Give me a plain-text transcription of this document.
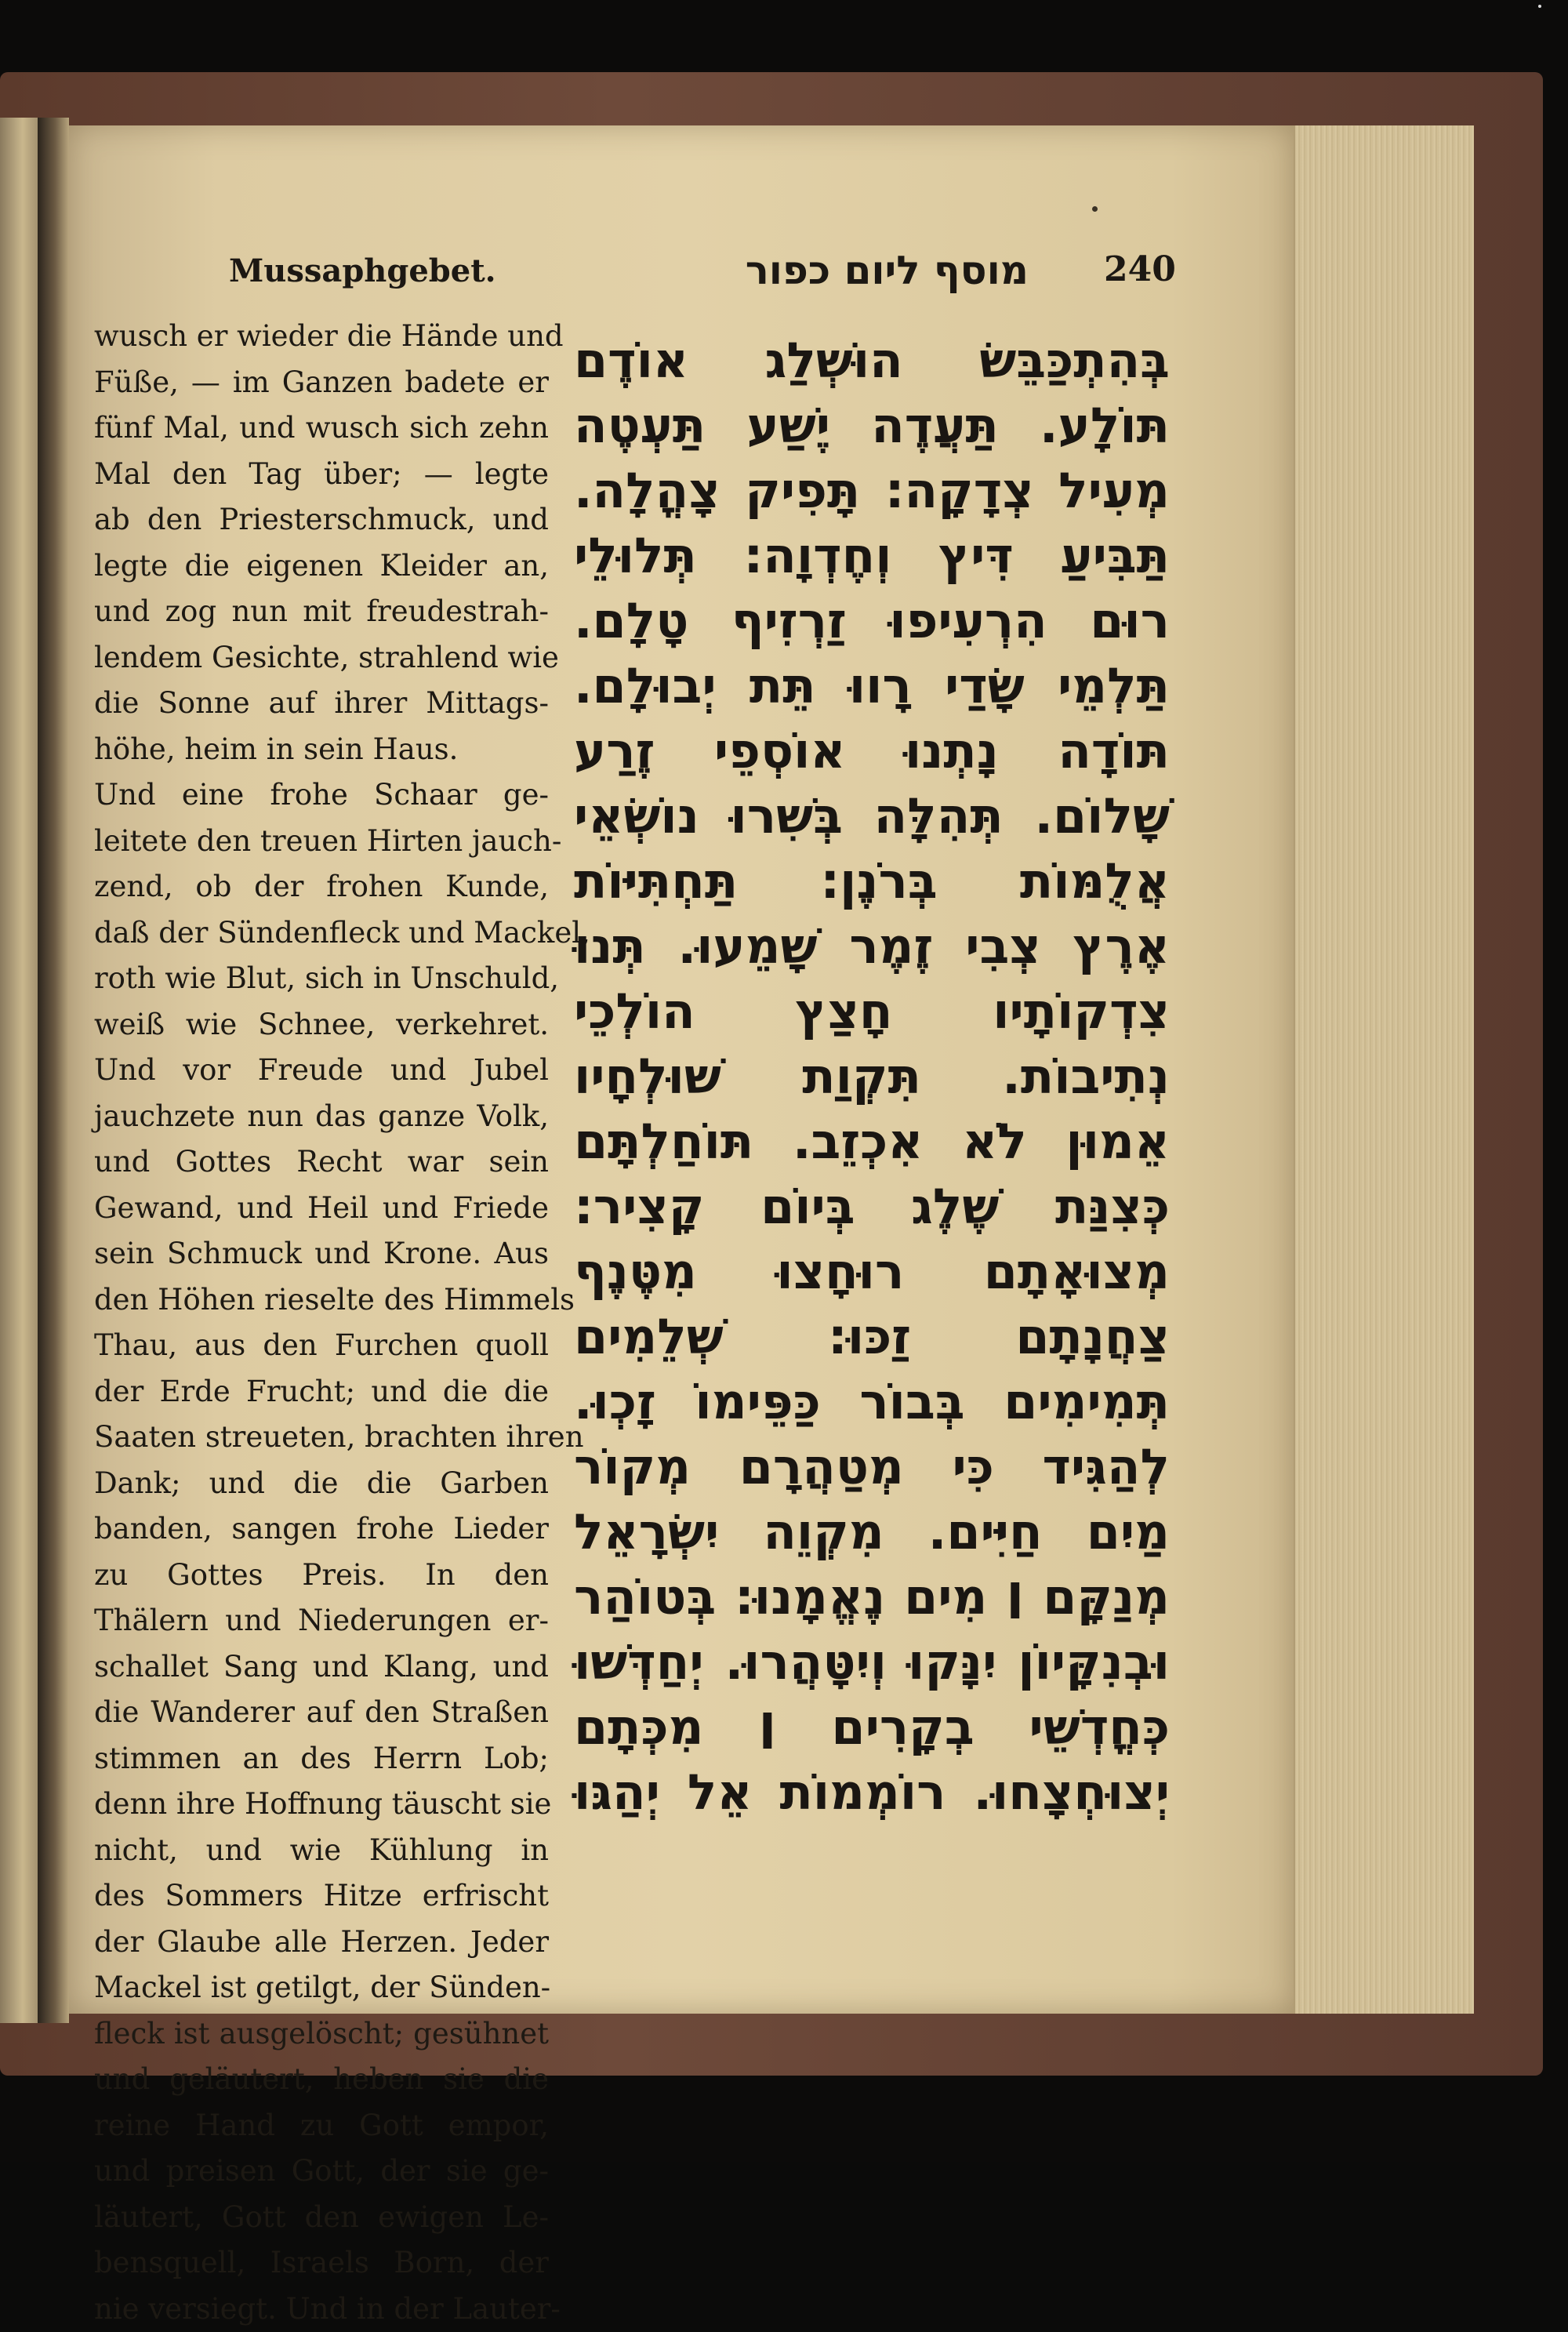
Mussaphgebet.	מוסף ליום כפור 240
wusch er wieder die Hände und
Füße, — im Ganzen badete er
fünf Mal, und wusch sich zehn
Mal den Tag über; — legte
ab den Priesterschmuck, und
legte die eigenen Kleider an,
und zog nun mit freudestrah-
lendem Gesichte, strahlend wie
die Sonne auf ihrer Mittags-
höhe, heim in sein Haus.
Und eine frohe Schaar ge-
leitete den treuen Hirten jauch-
zend, ob der frohen Kunde,
daß der Sündenfleck und Mackel,
roth wie Blut, sich in Unschuld,
weiß wie Schnee, verkehret.
Und vor Freude und Jubel
jauchzete nun das ganze Volk,
und Gottes Recht war sein
Gewand, und Heil und Friede
sein Schmuck und Krone. Aus
den Höhen rieselte des Himmels
Thau, aus den Furchen quoll
der Erde Frucht; und die die
Saaten streueten, brachten ihren
Dank; und die die Garben
banden, sangen frohe Lieder
zu Gottes Preis. In den
Thälern und Niederungen er-
schallet Sang und Klang, und
die Wanderer auf den Straßen
stimmen an des Herrn Lob;
denn ihre Hoffnung täuscht sie
nicht, und wie Kühlung in
des Sommers Hitze erfrischt
der Glaube alle Herzen. Jeder
Mackel ist getilgt, der Sünden-
fleck ist ausgelöscht; gesühnet
und geläutert, heben sie die
reine Hand zu Gott empor,
und preisen Gott, der sie ge-
läutert, Gott den ewigen Le-
bensquell, Israels Born, der
nie versiegt. Und in der Lauter-
בְּהִתְכַּבֵּשׂ הוּשְׁלַג אוֹדֶם
תּוֹלָע. תַּעֲדֶה יֶשַׁע תַּעְטֶה
מְעִיל צְדָקָה: תָּפִיק צָהֳלָה.
תַּבִּיעַ דִּיץ וְחֶדְוָה: תְּלוּלֵי
רוּם הִרְעִיפוּ זַרְזִיף טָלָם.
תַּלְמֵי שָׂדַי רָווּ תֵּת יְבוּלָם.
תּוֹדָה נָתְנוּ אוֹסְפֵי זֶרַע
שָׁלוֹם. תְּהִלָּה בְּשִׁרוּ נוֹשְׂאֵי
אֲלֻמּוֹת בְּרֹנֶן: תַּחְתִּיּוֹת
אֶרֶץ צְבִי זֶמֶר שָׁמֵעוּ. תְּנוּ
צִדְקוֹתָיו חָצַץ הוֹלְכֵי
נְתִיבוֹת. תִּקְוַת שׁוּלְחָיו
אֵמוּן לֹא אִכְזֵב. תּוֹחַלְתָּם
כְּצִנַּת שֶׁלֶג בְּיוֹם קָצִיר:
מְצוּאָתָם רוּחָצוּ מִטֶּנֶף
צַחֲנָתָם זַכּוּ: שְׁלֵמִים
תְּמִימִים בְּבוֹר כַּפֵּימוֹ זָכְוּ.
לְהַגִּיד כִּי מְטַהֲרָם מְקוֹר
מַיִם חַיִּים. מִקְוֵה יִשְׂרָאֵל
מְנַקָּם ׀ מִים נֶאֱמָנוּ: בְּטוֹהַר
וּבְנִקָּיוֹן יִנָּקוּ וְיִטָּהֲרוּ. יְחַדְּשׁוּ
כְּחֳדְשֵׁי בְקָרִים ׀ מִכְּתָם
יְצוּחְצָחוּ. רוֹמְמוֹת אֵל יְהַגּוּ
